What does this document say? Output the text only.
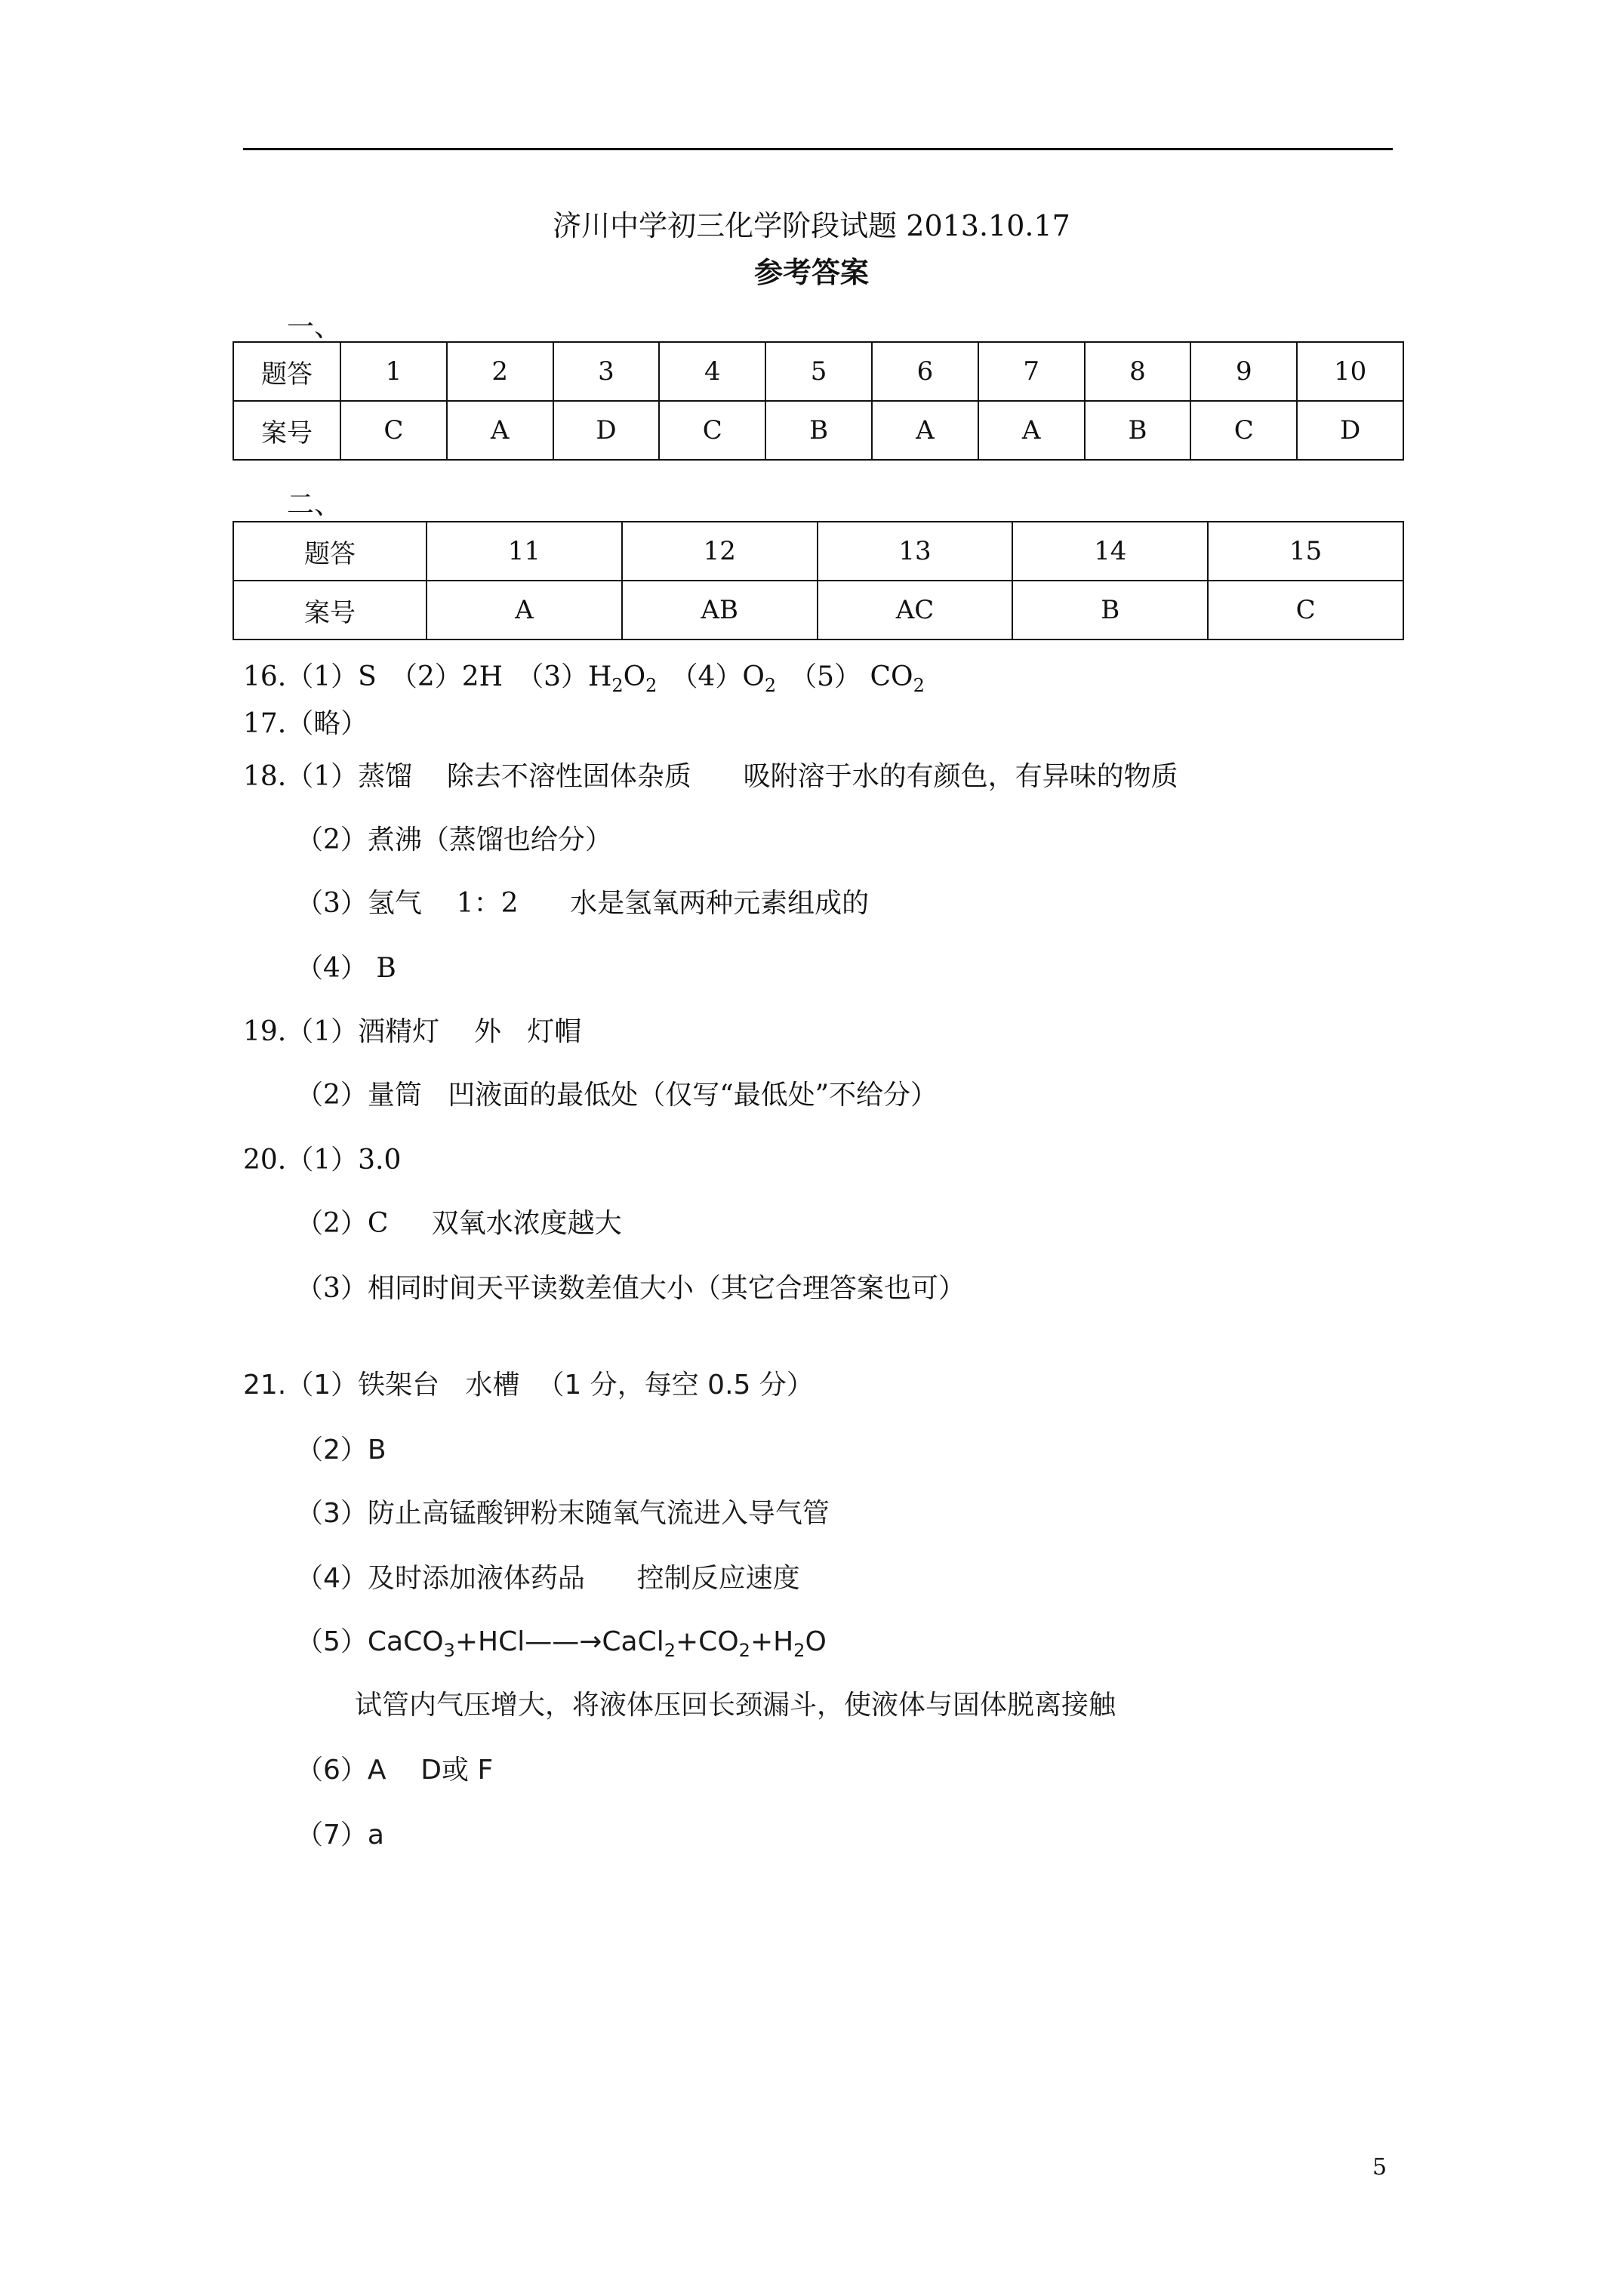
济川中学初三化学阶段试题 2013.10.17
参考答案
一、
题答	1	2	3	4	5	6	7	8	9	10
案号	C	A	D	C	B	A	A	B	C	D
二、
题答	11	12	13	14	15
案号	A	AB	AC	B	C
16.（1）S （2）2H $(3)H_2O_2$ $(4)O_2$ （5） $CO_2$
17.（略）
18.（1）蒸馏    除去不溶性固体杂质      吸附溶于水的有颜色，有异味的物质
（2）煮沸（蒸馏也给分）
（3）氢气    1：2      水是氢氧两种元素组成的
（4） B
19.（1）酒精灯    外   灯帽
（2）量筒   凹液面的最低处（仅写“最低处”不给分）
20.（1）3.0
（2）C     双氧水浓度越大
（3）相同时间天平读数差值大小（其它合理答案也可）
21.（1）铁架台   水槽  （1 分，每空 0.5 分）
（2）B
（3）防止高锰酸钾粉末随氧气流进入导气管
（4）及时添加液体药品      控制反应速度
$(5)CaCO_3+HCl——\to CaCl_2+CO_2+H_2O$
试管内气压增大，将液体压回长颈漏斗，使液体与固体脱离接触
（6）A    D或 F
（7）a
5
